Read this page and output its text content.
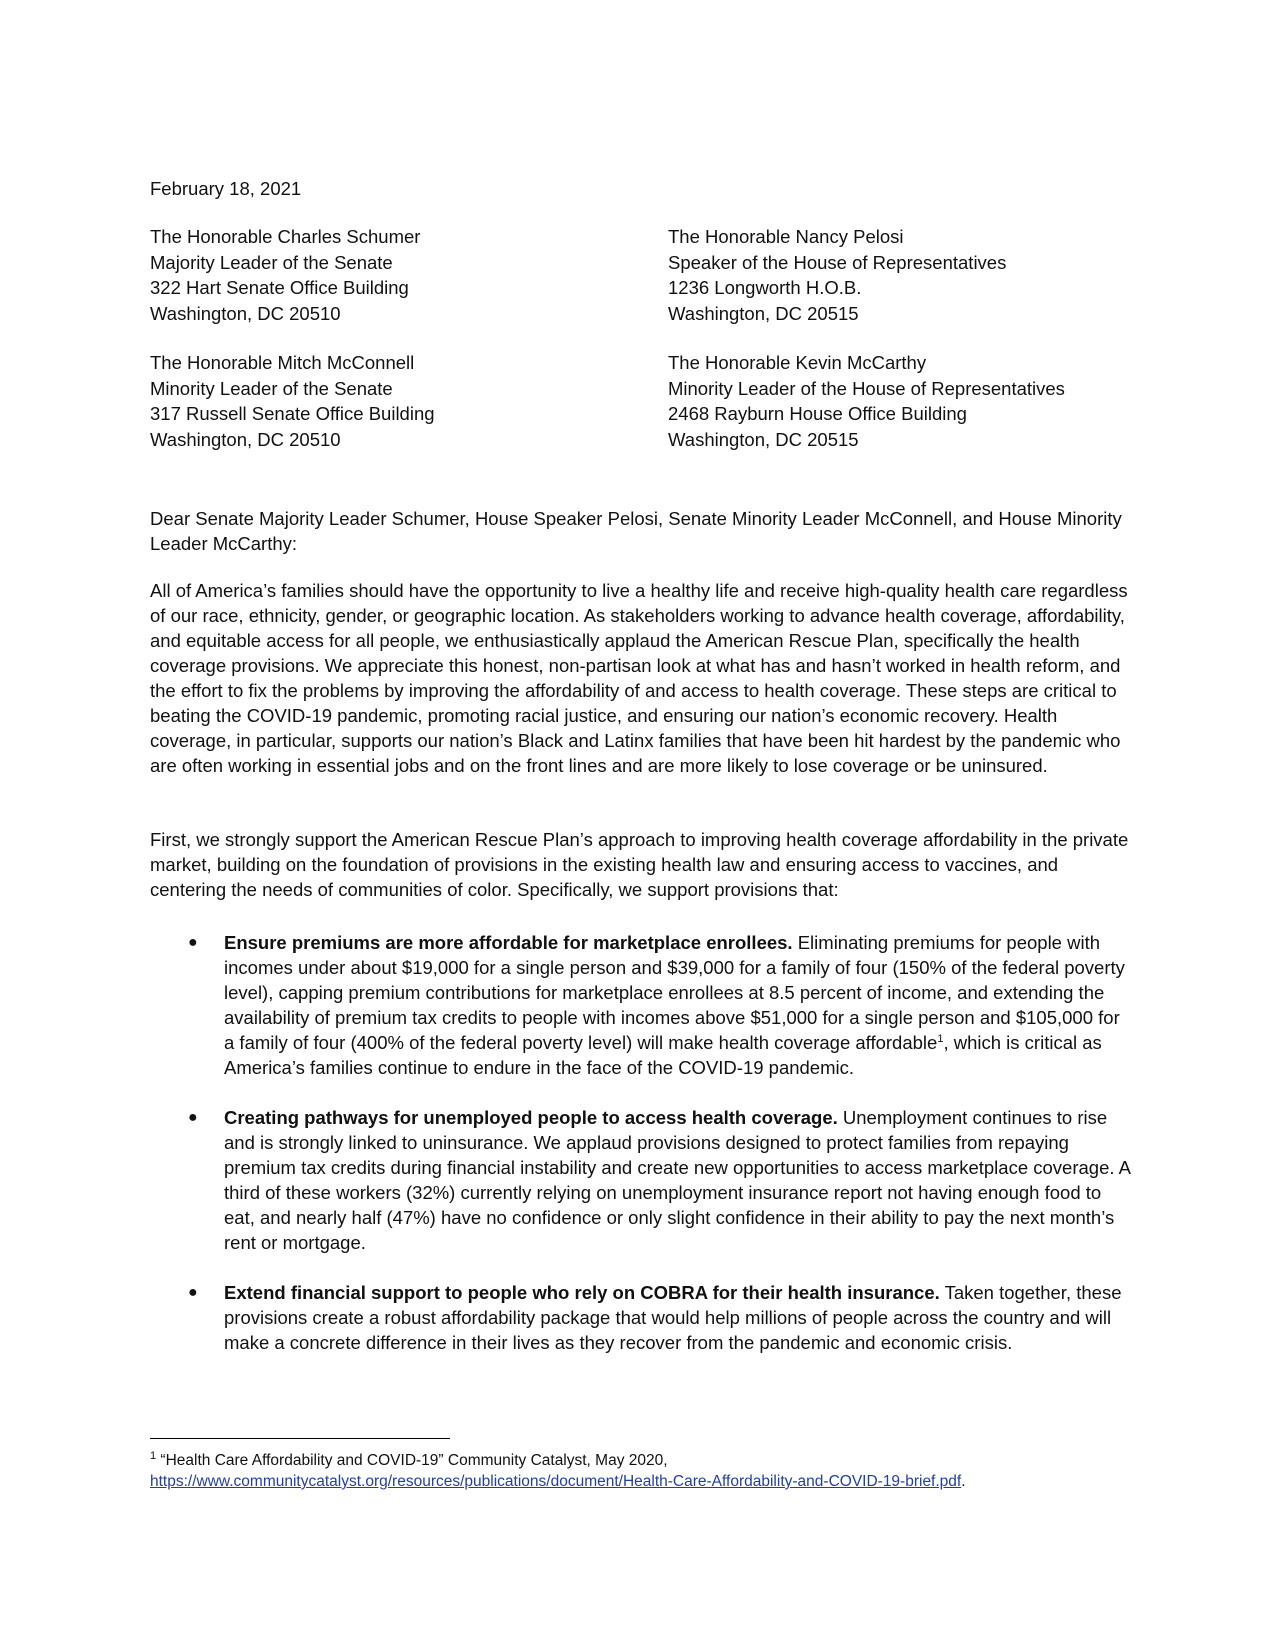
February 18, 2021
The Honorable Charles Schumer
Majority Leader of the Senate
322 Hart Senate Office Building
Washington, DC 20510
The Honorable Nancy Pelosi
Speaker of the House of Representatives
1236 Longworth H.O.B.
Washington, DC 20515
The Honorable Mitch McConnell
Minority Leader of the Senate
317 Russell Senate Office Building
Washington, DC 20510
The Honorable Kevin McCarthy
Minority Leader of the House of Representatives
2468 Rayburn House Office Building
Washington, DC 20515
Dear Senate Majority Leader Schumer, House Speaker Pelosi, Senate Minority Leader McConnell, and House Minority Leader McCarthy:
All of America’s families should have the opportunity to live a healthy life and receive high-quality health care regardless of our race, ethnicity, gender, or geographic location. As stakeholders working to advance health coverage, affordability, and equitable access for all people, we enthusiastically applaud the American Rescue Plan, specifically the health coverage provisions. We appreciate this honest, non-partisan look at what has and hasn’t worked in health reform, and the effort to fix the problems by improving the affordability of and access to health coverage. These steps are critical to beating the COVID-19 pandemic, promoting racial justice, and ensuring our nation’s economic recovery. Health coverage, in particular, supports our nation’s Black and Latinx families that have been hit hardest by the pandemic who are often working in essential jobs and on the front lines and are more likely to lose coverage or be uninsured.
First, we strongly support the American Rescue Plan’s approach to improving health coverage affordability in the private market, building on the foundation of provisions in the existing health law and ensuring access to vaccines, and centering the needs of communities of color. Specifically, we support provisions that:
● Ensure premiums are more affordable for marketplace enrollees. Eliminating premiums for people with incomes under about $19,000 for a single person and $39,000 for a family of four (150% of the federal poverty level), capping premium contributions for marketplace enrollees at 8.5 percent of income, and extending the availability of premium tax credits to people with incomes above $51,000 for a single person and $105,000 for a family of four (400% of the federal poverty level) will make health coverage affordable$^1$, which is critical as America’s families continue to endure in the face of the COVID-19 pandemic.
● Creating pathways for unemployed people to access health coverage. Unemployment continues to rise and is strongly linked to uninsurance. We applaud provisions designed to protect families from repaying premium tax credits during financial instability and create new opportunities to access marketplace coverage. A third of these workers (32%) currently relying on unemployment insurance report not having enough food to eat, and nearly half (47%) have no confidence or only slight confidence in their ability to pay the next month’s rent or mortgage.
● Extend financial support to people who rely on COBRA for their health insurance. Taken together, these provisions create a robust affordability package that would help millions of people across the country and will make a concrete difference in their lives as they recover from the pandemic and economic crisis.
$^1$ “Health Care Affordability and COVID-19” Community Catalyst, May 2020,
https://www.communitycatalyst.org/resources/publications/document/Health-Care-Affordability-and-COVID-19-brief.pdf.
